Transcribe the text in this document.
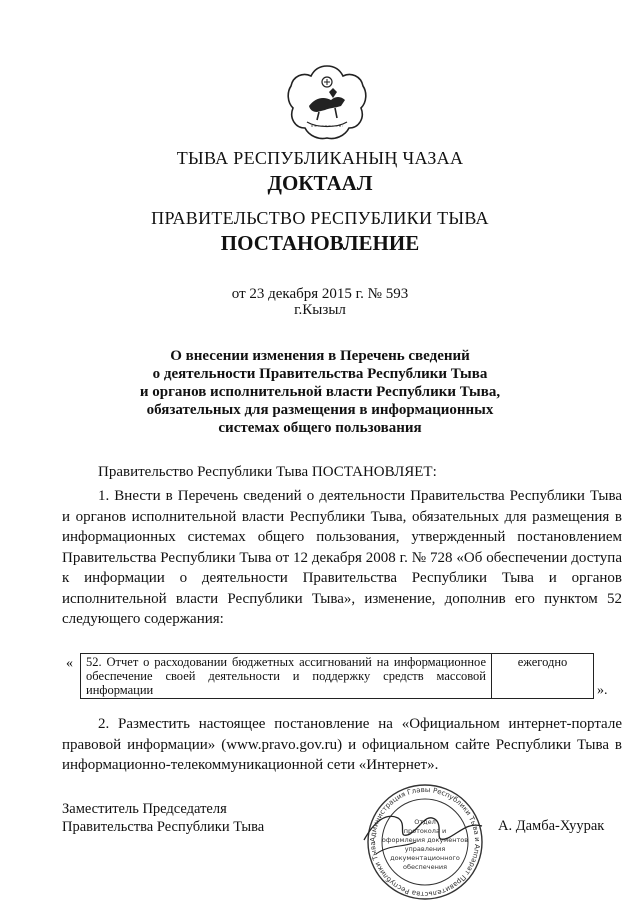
ТЫВА РЕСПУБЛИКАНЫҢ ЧАЗАА
ДОКТААЛ
ПРАВИТЕЛЬСТВО РЕСПУБЛИКИ ТЫВА
ПОСТАНОВЛЕНИЕ
от 23 декабря 2015 г. № 593
г.Кызыл
О внесении изменения в Перечень сведений
о деятельности Правительства Республики Тыва
и органов исполнительной власти Республики Тыва,
обязательных для размещения в информационных
системах общего пользования
Правительство Республики Тыва ПОСТАНОВЛЯЕТ:
1. Внести в Перечень сведений о деятельности Правительства Республики Тыва и органов исполнительной власти Республики Тыва, обязательных для размещения в информационных системах общего пользования, утвержденный постановлением Правительства Республики Тыва от 12 декабря 2008 г. № 728 «Об обеспечении доступа к информации о деятельности Правительства Республики Тыва и органов исполнительной власти Республики Тыва», изменение, дополнив его пунктом 52 следующего содержания:
« 52. Отчет о расходовании бюджетных ассигнований на информационное обеспечение своей деятельности и поддержку средств массовой информации	ежегодно
».
2. Разместить настоящее постановление на «Официальном интернет-портале правовой информации» (www.pravo.gov.ru) и официальном сайте Республики Тыва в информационно-телекоммуникационной сети «Интернет».
Заместитель Председателя
Правительства Республики Тыва	А. Дамба-Хуурак
Администрация Главы Республики Тыва и Аппарат Правительства Республики Тыва
Отдел
протокола и
оформления документов
управления
документационного
обеспечения
